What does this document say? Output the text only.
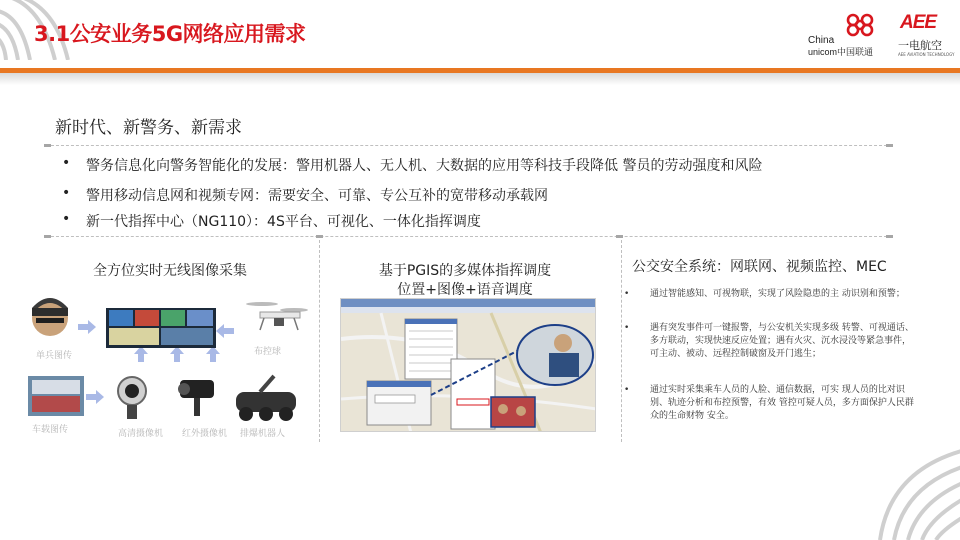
3.1公安业务5G网络应用需求	China
unicom中国联通
AEE
一电航空
AEE AVIATION TECHNOLOGY
新时代、新警务、新需求
• 警务信息化向警务智能化的发展：警用机器人、无人机、大数据的应用等科技手段降低 警员的劳动强度和风险
• 警用移动信息网和视频专网：需要安全、可靠、专公互补的宽带移动承载网
• 新一代指挥中心（NG110）：4S平台、可视化、一体化指挥调度
全方位实时无线图像采集
单兵图传	布控球
车载图传	高清摄像机 红外摄像机 排爆机器人
基于PGIS的多媒体指挥调度
位置+图像+语音调度
公交安全系统：网联网、视频监控、MEC
• 通过智能感知、可视物联，实现了风险隐患的主 动识别和预警；
• 遇有突发事件可一键报警，与公安机关实现多级 转警、可视通话、多方联动，实现快速反应处置；遇有火灾、沉水浸没等紧急事件，可主动、被动、远程控制破窗及开门逃生；
• 通过实时采集乘车人员的人脸、通信数据，可实 现人员的比对识别、轨迹分析和布控预警，有效 管控可疑人员，多方面保护人民群众的生命财物 安全。
